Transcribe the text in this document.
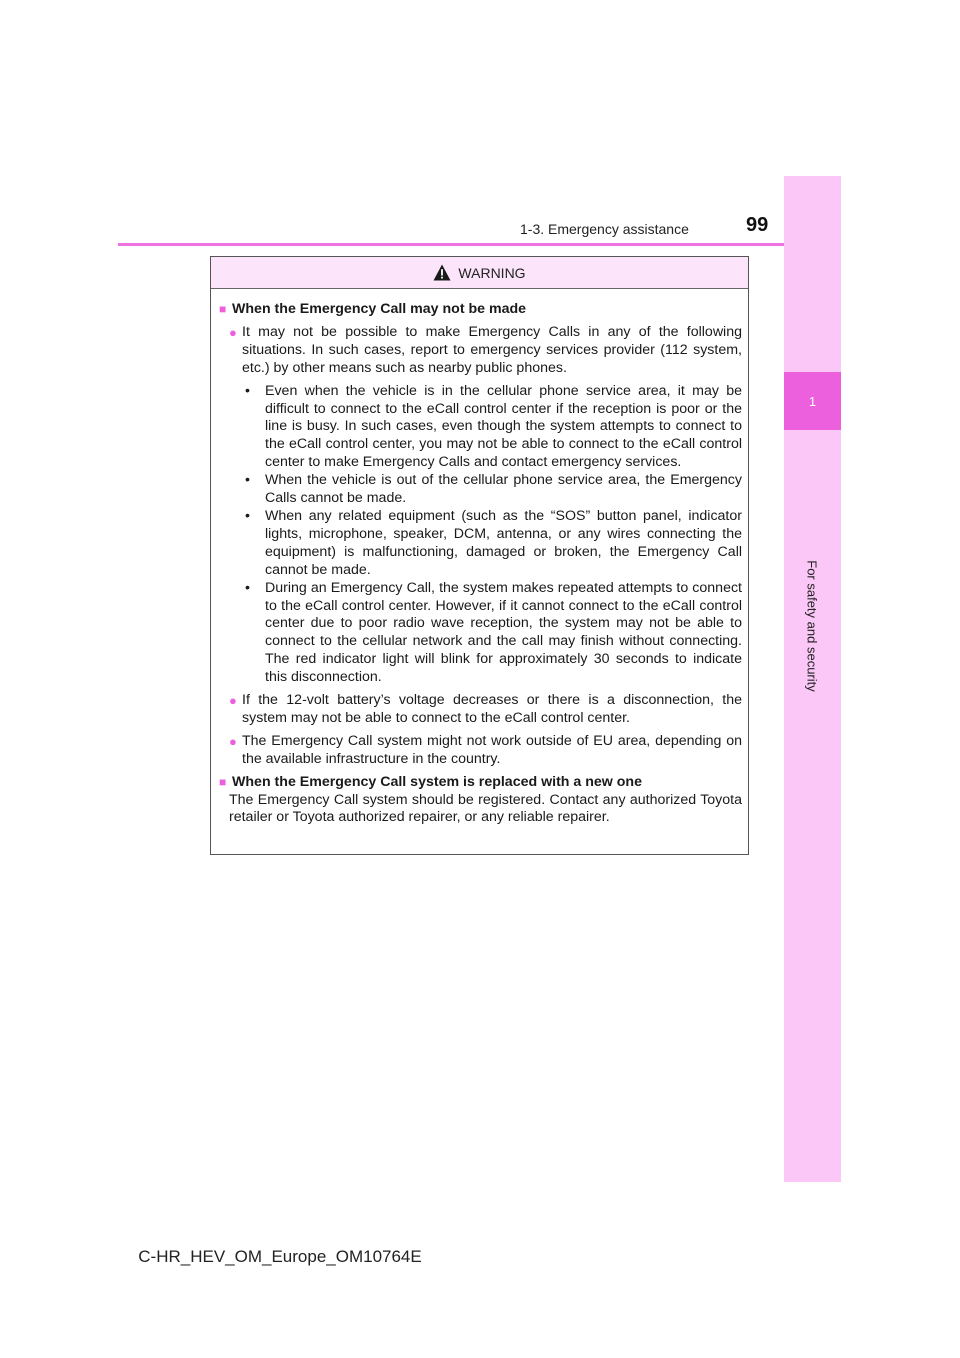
1
For safety and security
1-3. Emergency assistance	99
WARNING
■ When the Emergency Call may not be made
● It may not be possible to make Emergency Calls in any of the following situations. In such cases, report to emergency services provider (112 system, etc.) by other means such as nearby public phones.
•	Even when the vehicle is in the cellular phone service area, it may be difficult to connect to the eCall control center if the reception is poor or the line is busy. In such cases, even though the system attempts to connect to the eCall control center, you may not be able to connect to the eCall control center to make Emergency Calls and contact emergency services.
•	When the vehicle is out of the cellular phone service area, the Emergency Calls cannot be made.
•	When any related equipment (such as the “SOS” button panel, indicator lights, microphone, speaker, DCM, antenna, or any wires connecting the equipment) is malfunctioning, damaged or broken, the Emergency Call cannot be made.
•	During an Emergency Call, the system makes repeated attempts to connect to the eCall control center. However, if it cannot connect to the eCall control center due to poor radio wave reception, the system may not be able to connect to the cellular network and the call may finish without connecting. The red indicator light will blink for approximately 30 seconds to indicate this disconnection.
● If the 12-volt battery’s voltage decreases or there is a disconnection, the system may not be able to connect to the eCall control center.
● The Emergency Call system might not work outside of EU area, depending on the available infrastructure in the country.
■ When the Emergency Call system is replaced with a new one
The Emergency Call system should be registered. Contact any authorized Toyota retailer or Toyota authorized repairer, or any reliable repairer.
C-HR_HEV_OM_Europe_OM10764E
